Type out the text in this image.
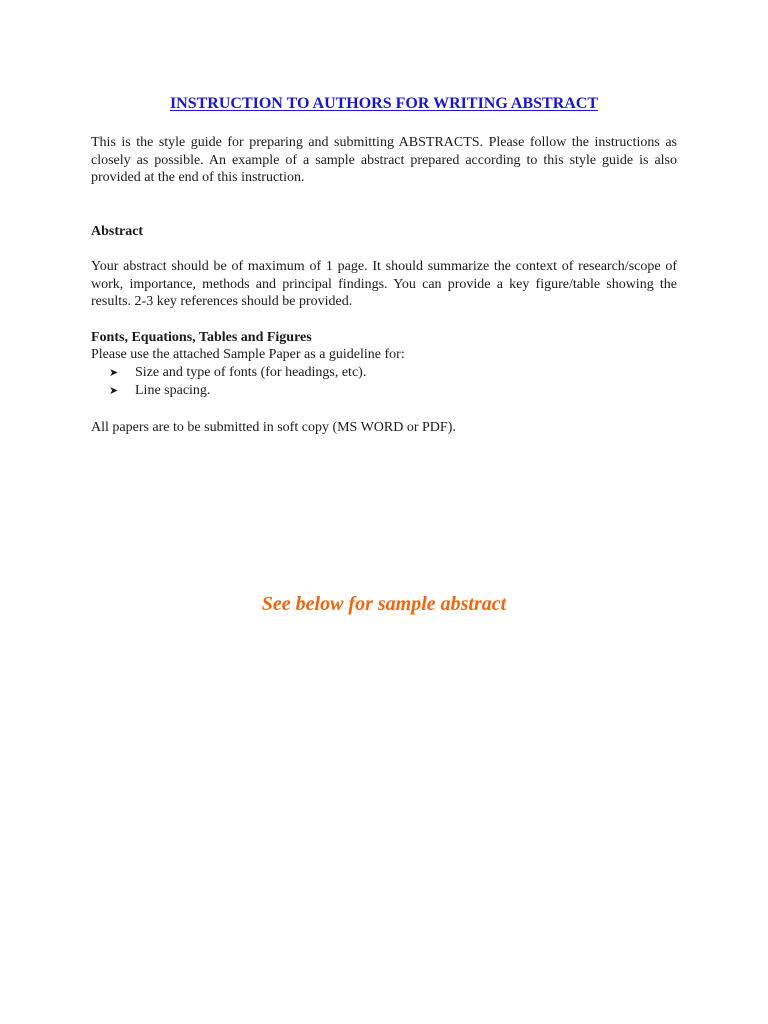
INSTRUCTION TO AUTHORS FOR WRITING ABSTRACT

This is the style guide for preparing and submitting ABSTRACTS. Please follow the instructions as closely as possible. An example of a sample abstract prepared according to this style guide is also provided at the end of this instruction.

Abstract

Your abstract should be of maximum of 1 page. It should summarize the context of research/scope of work, importance, methods and principal findings. You can provide a key figure/table showing the results. 2-3 key references should be provided.

Fonts, Equations, Tables and Figures

Please use the attached Sample Paper as a guideline for:

➤	Size and type of fonts (for headings, etc).
➤	Line spacing.

All papers are to be submitted in soft copy (MS WORD or PDF).

See below for sample abstract
